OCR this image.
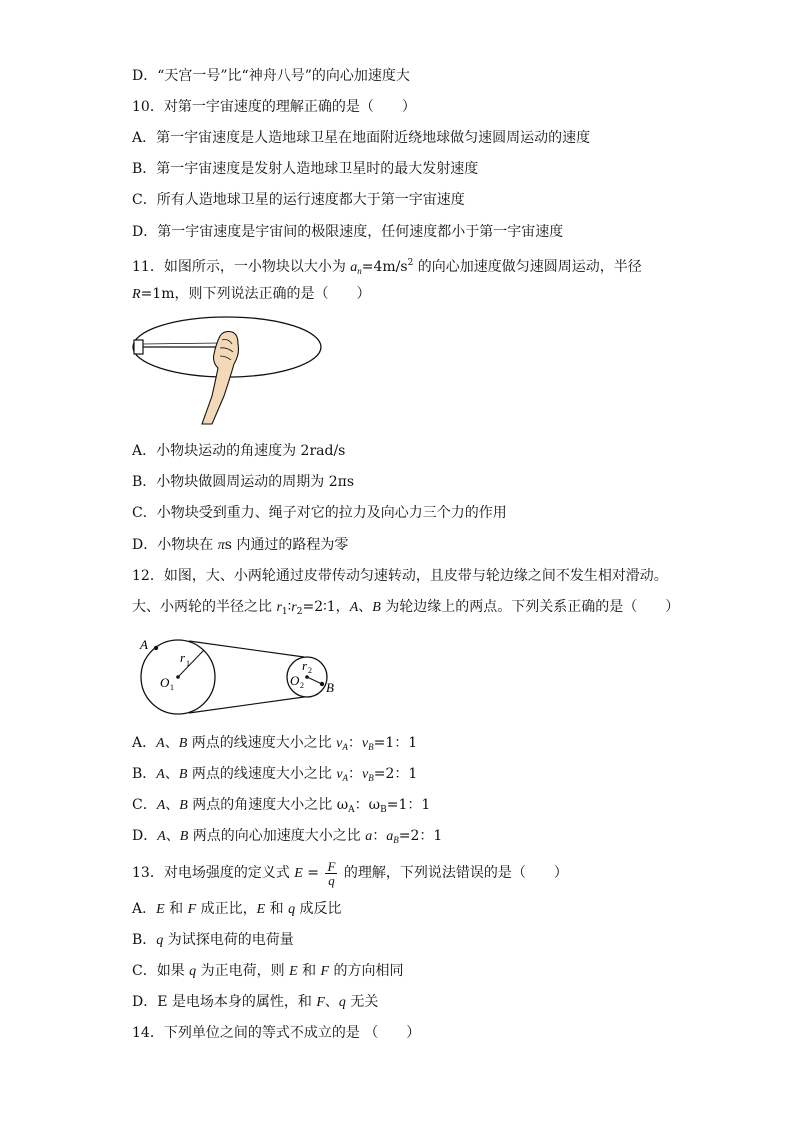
D．“天宫一号”比“神舟八号”的向心加速度大
10．对第一宇宙速度的理解正确的是（　　）
A．第一宇宙速度是人造地球卫星在地面附近绕地球做匀速圆周运动的速度
B．第一宇宙速度是发射人造地球卫星时的最大发射速度
C．所有人造地球卫星的运行速度都大于第一宇宙速度
D．第一宇宙速度是宇宙间的极限速度，任何速度都小于第一宇宙速度
11．如图所示，一小物块以大小为 $a_n=4m/s^2$ 的向心加速度做匀速圆周运动，半径
R=1m，则下列说法正确的是（　　）
A．小物块运动的角速度为 2rad/s
B．小物块做圆周运动的周期为 2πs
C．小物块受到重力、绳子对它的拉力及向心力三个力的作用
D．小物块在 πs 内通过的路程为零
12．如图，大、小两轮通过皮带传动匀速转动，且皮带与轮边缘之间不发生相对滑动。
大、小两轮的半径之比 $r_1∶r_2=2∶1$，A、B 为轮边缘上的两点。下列关系正确的是（　　）
A
B
r 1
O 1
r 2
O 2
A．A、B 两点的线速度大小之比 $v_A$：$v_B=1$：1
B．A、B 两点的线速度大小之比 $v_A$：$v_B=2$：1
C．A、B 两点的角速度大小之比 $\omega_A$：$\omega_B=1$：1
D．A、B 两点的向心加速度大小之比 a：$a_B=2$：1
13．对电场强度的定义式 $E = \frac{F}{q}$ 的理解，下列说法错误的是（　　）
A．E 和 F 成正比，E 和 q 成反比
B．q 为试探电荷的电荷量
C．如果 q 为正电荷，则 E 和 F 的方向相同
D．E 是电场本身的属性，和 F、q 无关
14．下列单位之间的等式不成立的是 （　　）
